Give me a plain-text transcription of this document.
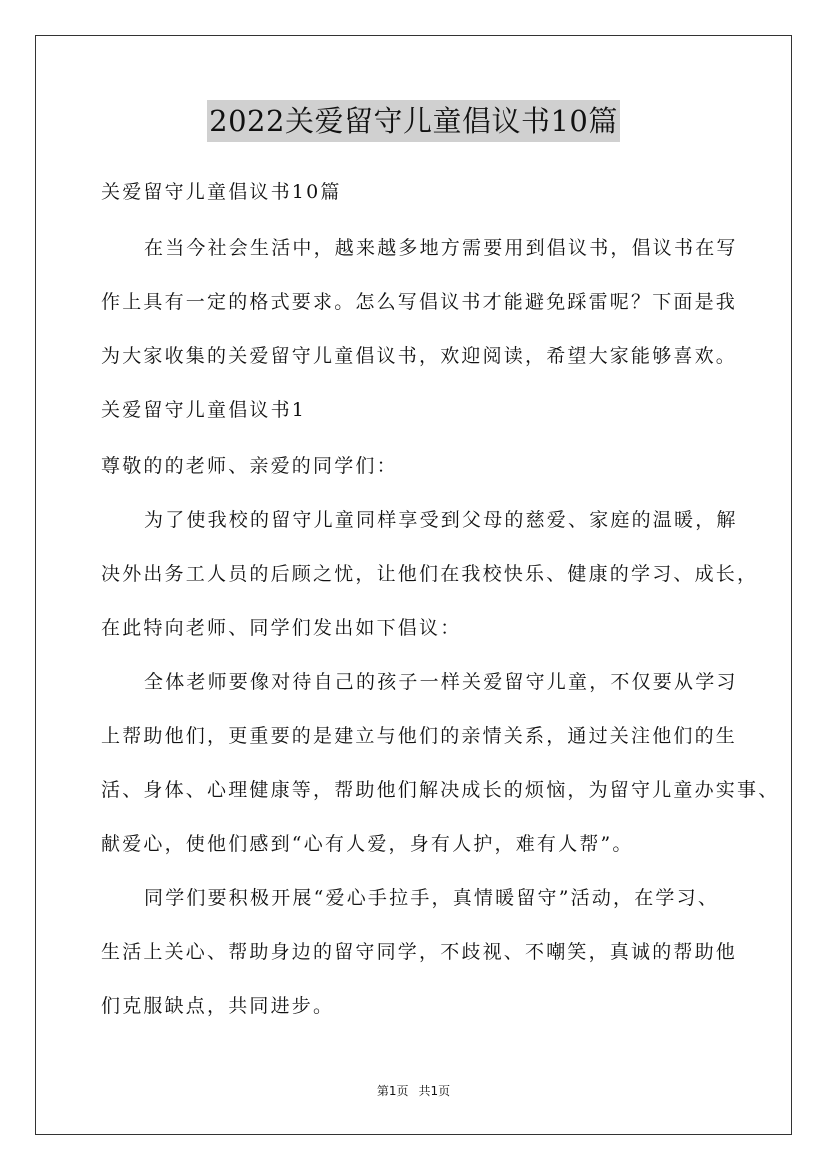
2022关爱留守儿童倡议书10篇
关爱留守儿童倡议书10篇
在当今社会生活中，越来越多地方需要用到倡议书，倡议书在写
作上具有一定的格式要求。怎么写倡议书才能避免踩雷呢？下面是我
为大家收集的关爱留守儿童倡议书，欢迎阅读，希望大家能够喜欢。
关爱留守儿童倡议书1
尊敬的的老师、亲爱的同学们：
为了使我校的留守儿童同样享受到父母的慈爱、家庭的温暖，解
决外出务工人员的后顾之忧，让他们在我校快乐、健康的学习、成长，
在此特向老师、同学们发出如下倡议：
全体老师要像对待自己的孩子一样关爱留守儿童，不仅要从学习
上帮助他们，更重要的是建立与他们的亲情关系，通过关注他们的生
活、身体、心理健康等，帮助他们解决成长的烦恼，为留守儿童办实事、
献爱心，使他们感到“心有人爱，身有人护，难有人帮”。
同学们要积极开展“爱心手拉手，真情暖留守”活动，在学习、
生活上关心、帮助身边的留守同学，不歧视、不嘲笑，真诚的帮助他
们克服缺点，共同进步。
第1页 共1页
